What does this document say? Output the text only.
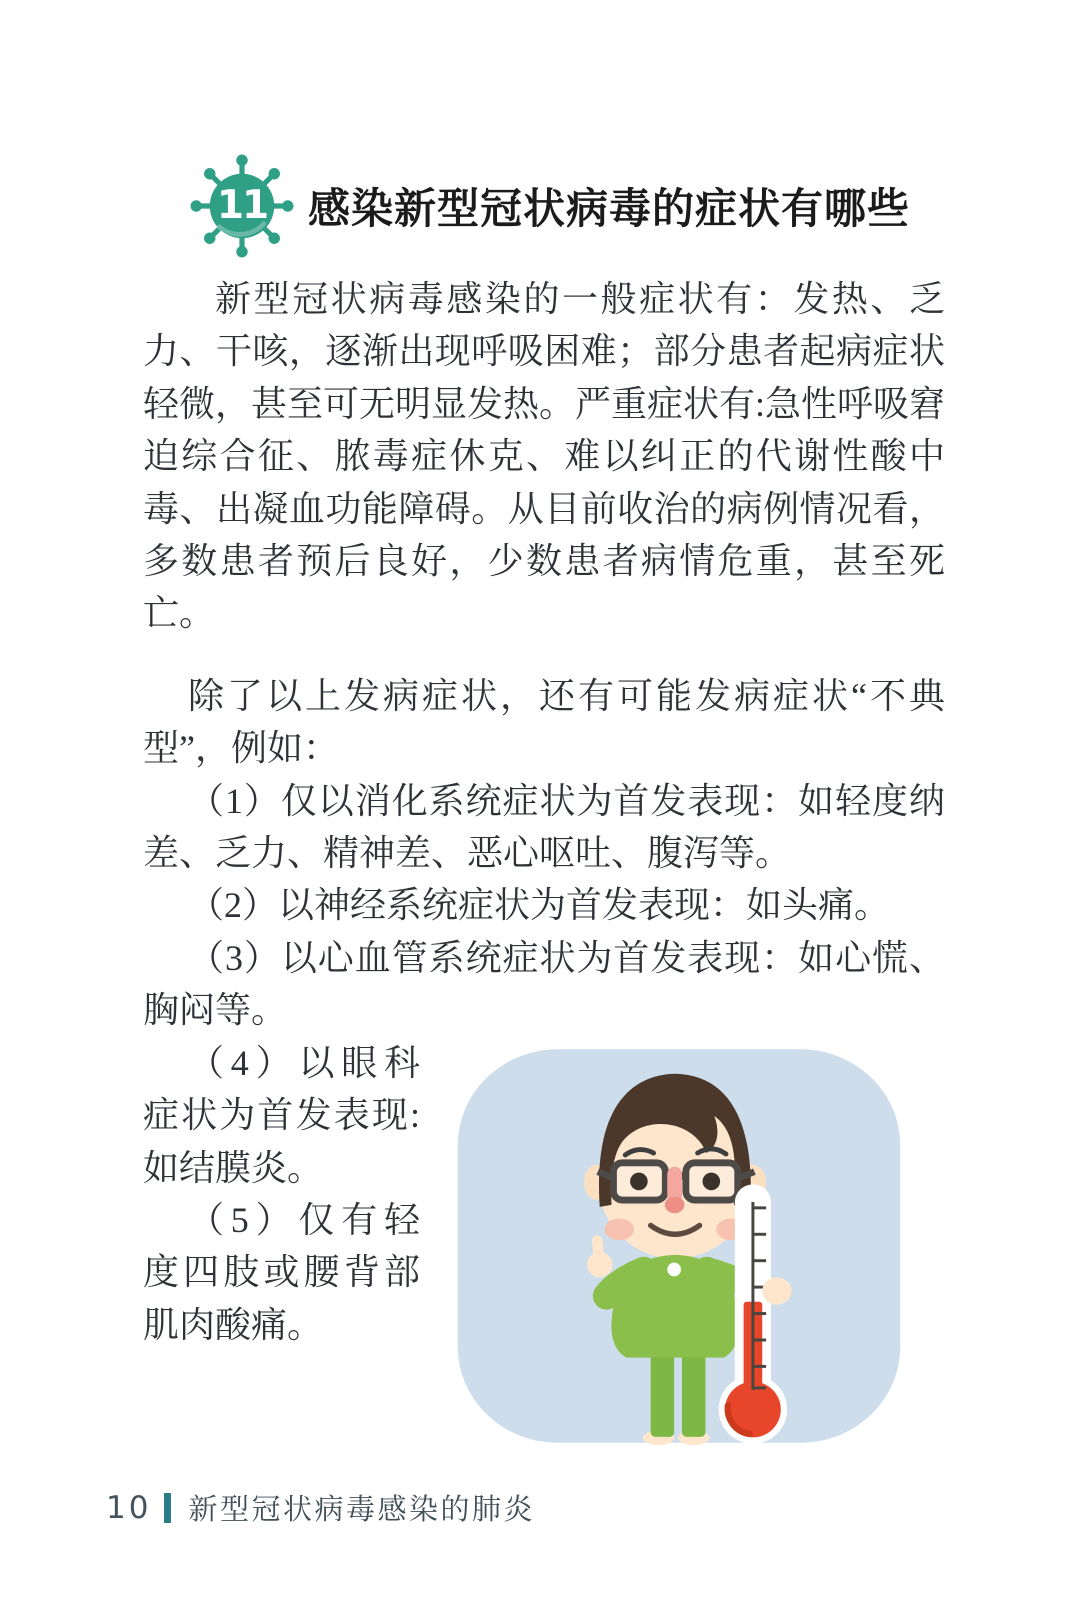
11 感染新型冠状病毒的症状有哪些

新型冠状病毒感染的一般症状有：发热、乏力、干咳，逐渐出现呼吸困难；部分患者起病症状轻微，甚至可无明显发热。严重症状有:急性呼吸窘迫综合征、脓毒症休克、难以纠正的代谢性酸中毒、出凝血功能障碍。从目前收治的病例情况看，多数患者预后良好，少数患者病情危重，甚至死亡。

除了以上发病症状，还有可能发病症状“不典型”，例如：

（1）仅以消化系统症状为首发表现：如轻度纳差、乏力、精神差、恶心呕吐、腹泻等。

（2）以神经系统症状为首发表现：如头痛。

（3）以心血管系统症状为首发表现：如心慌、胸闷等。

（4）以眼科症状为首发表现:如结膜炎。

（5）仅有轻度四肢或腰背部肌肉酸痛。

10 新型冠状病毒感染的肺炎
